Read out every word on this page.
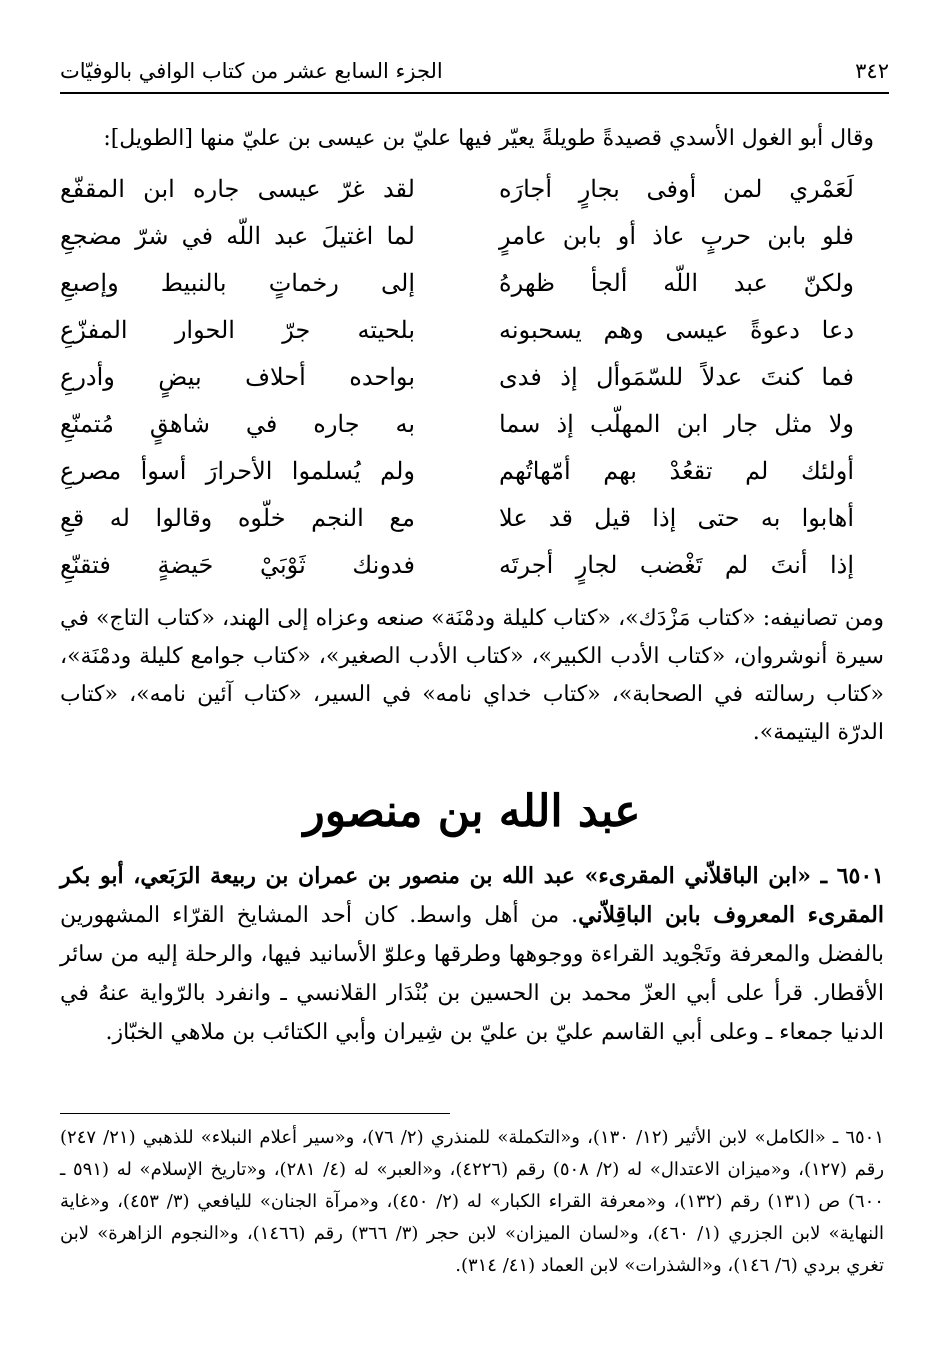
٣٤٢
الجزء السابع عشر من كتاب الوافي بالوفيّات
وقال أبو الغول الأسدي قصيدةً طويلةً يعيّر فيها عليّ بن عيسى بن عليّ منها [الطويل]:
لَعَمْري لمن أوفى بجارٍ أجارَه
لقد غرّ عيسى جاره ابن المقفّع
فلو بابن حربٍ عاذ أو بابن عامرٍ
لما اغتيلَ عبد اللّه في شرّ مضجعِ
ولكنّ عبد اللّه ألجأ ظهرهُ
إلى رخماتٍ بالنبيط وإصبعِ
دعا دعوةً عيسى وهم يسحبونه
بلحيته جرّ الحوار المفزّعِ
فما كنتَ عدلاً للسّمَوأل إذ فدى
بواحده أحلاف بيضٍ وأدرعِ
ولا مثل جار ابن المهلّب إذ سما
به جاره في شاهقٍ مُتمنّعِ
أولئك لم تقعُدْ بهم أمّهاتُهم
ولم يُسلموا الأحرارَ أسوأ مصرعِ
أهابوا به حتى إذا قيل قد علا
مع النجم خلّوه وقالوا له قعِ
إذا أنتَ لم تَغْضب لجارٍ أجرتَه
فدونك ثَوْبَيْ حَيضةٍ فتقنّعِ
ومن تصانيفه: «كتاب مَزْدَك»، «كتاب كليلة ودمْنَة» صنعه وعزاه إلى الهند، «كتاب التاج» في سيرة أنوشروان، «كتاب الأدب الكبير»، «كتاب الأدب الصغير»، «كتاب جوامع كليلة ودمْنَة»، «كتاب رسالته في الصحابة»، «كتاب خداي نامه» في السير، «كتاب آئين نامه»، «كتاب الدرّة اليتيمة».
عبد الله بن منصور
٦٥٠١ ـ «ابن الباقلاّني المقرىء» عبد الله بن منصور بن عمران بن ربيعة الرَبَعي، أبو بكر المقرىء المعروف بابن الباقِلاّني. من أهل واسط. كان أحد المشايخ القرّاء المشهورين بالفضل والمعرفة وتَجْويد القراءة ووجوهها وطرقها وعلوّ الأسانيد فيها، والرحلة إليه من سائر الأقطار. قرأ على أبي العزّ محمد بن الحسين بن بُنْدَار القلانسي ـ وانفرد بالرّواية عنهُ في الدنيا جمعاء ـ وعلى أبي القاسم عليّ بن عليّ بن شِيران وأبي الكتائب بن ملاهي الخبّاز.
٦٥٠١ ـ «الكامل» لابن الأثير (١٢/ ١٣٠)، و«التكملة» للمنذري (٢/ ٧٦)، و«سير أعلام النبلاء» للذهبي (٢١/ ٢٤٧) رقم (١٢٧)، و«ميزان الاعتدال» له (٢/ ٥٠٨) رقم (٤٢٢٦)، و«العبر» له (٤/ ٢٨١)، و«تاريخ الإسلام» له (٥٩١ ـ ٦٠٠) ص (١٣١) رقم (١٣٢)، و«معرفة القراء الكبار» له (٢/ ٤٥٠)، و«مرآة الجنان» لليافعي (٣/ ٤٥٣)، و«غاية النهاية» لابن الجزري (١/ ٤٦٠)، و«لسان الميزان» لابن حجر (٣/ ٣٦٦) رقم (١٤٦٦)، و«النجوم الزاهرة» لابن تغري بردي (٦/ ١٤٦)، و«الشذرات» لابن العماد (٤١/ ٣١٤).
